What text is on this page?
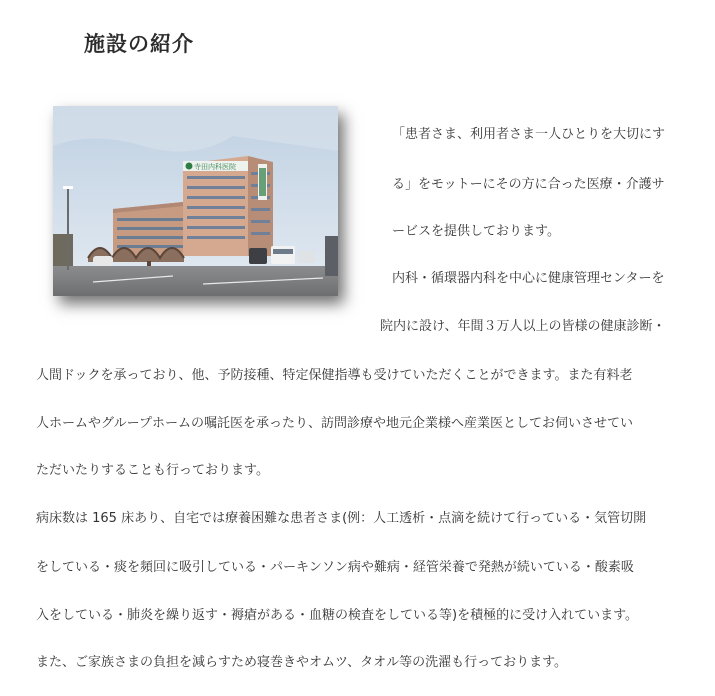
施設の紹介
寺田内科医院

「患者さま、利用者さま一人ひとりを大切にす

る」をモットーにその方に合った医療・介護サ

ービスを提供しております。

内科・循環器内科を中心に健康管理センターを

院内に設け、年間３万人以上の皆様の健康診断・

人間ドックを承っており、他、予防接種、特定保健指導も受けていただくことができます。また有料老

人ホームやグループホームの嘱託医を承ったり、訪問診療や地元企業様へ産業医としてお伺いさせてい

ただいたりすることも行っております。

病床数は 165 床あり、自宅では療養困難な患者さま(例：人工透析・点滴を続けて行っている・気管切開

をしている・痰を頻回に吸引している・パーキンソン病や難病・経管栄養で発熱が続いている・酸素吸

入をしている・肺炎を繰り返す・褥瘡がある・血糖の検査をしている等)を積極的に受け入れています。

また、ご家族さまの負担を減らすため寝巻きやオムツ、タオル等の洗濯も行っております。
